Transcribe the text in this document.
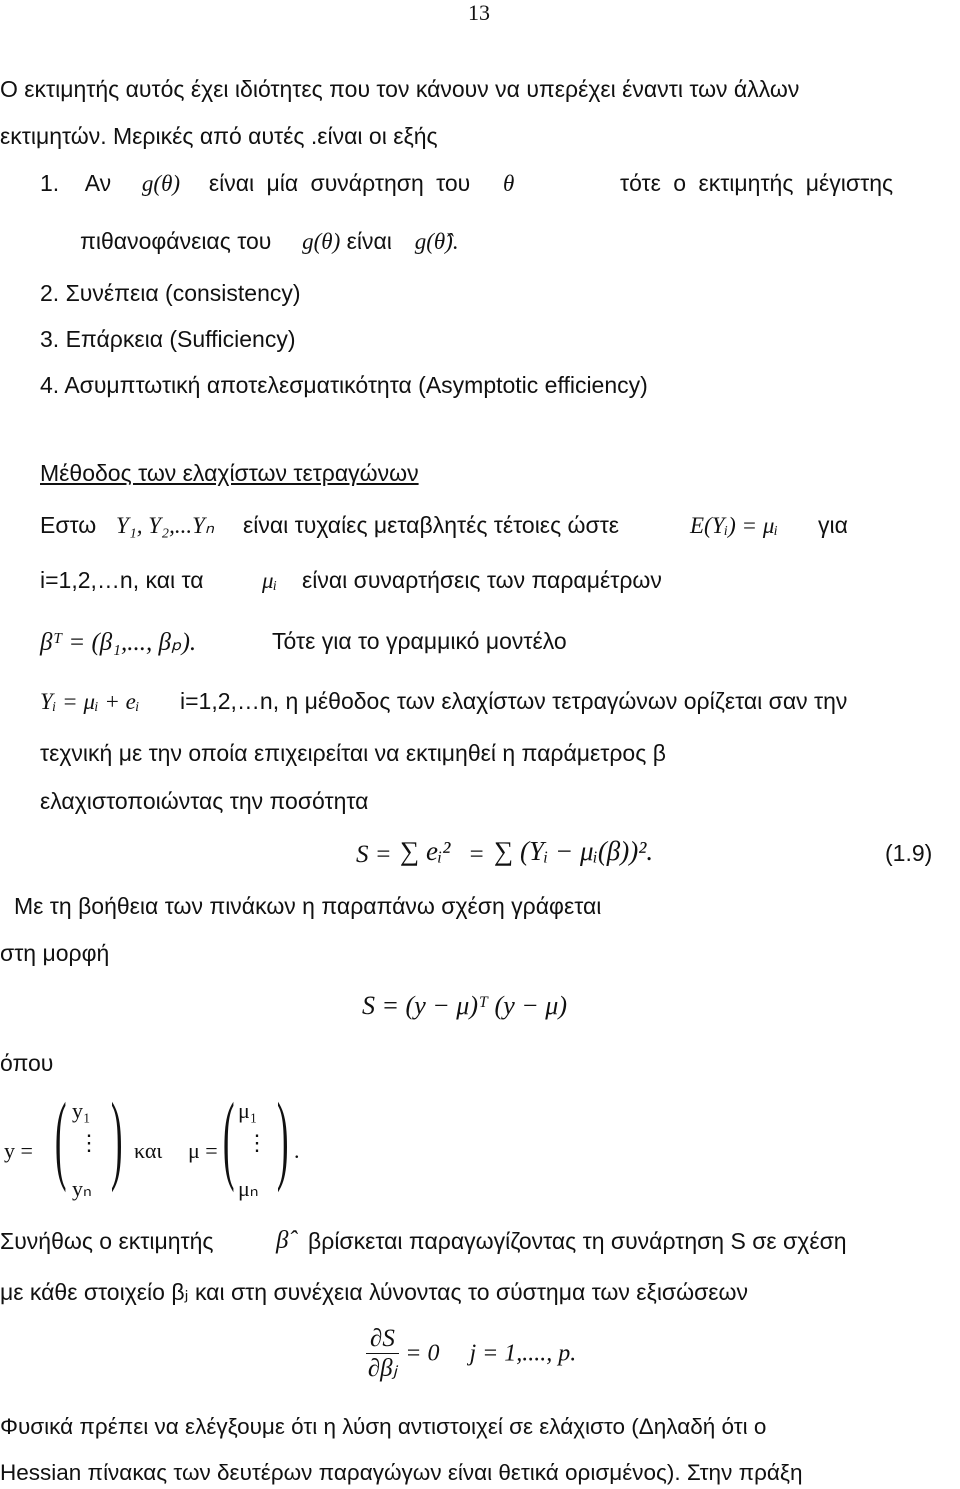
13
Ο εκτιμητής αυτός έχει ιδιότητες που τον κάνουν να υπερέχει έναντι των άλλων
εκτιμητών. Μερικές από αυτές .είναι οι εξής
1. Αν g(θ) είναι μία συνάρτηση του θ	τότε ο εκτιμητής μέγιστης
πιθανοφάνειας του g(θ) είναι g(θ̂).
2. Συνέπεια (consistency)
3. Επάρκεια (Sufficiency)
4. Ασυμπτωτική αποτελεσματικότητα (Asymptotic efficiency)
Μέθοδος των ελαχίστων τετραγώνων
Εστω Y₁, Y₂,...Yₙ είναι τυχαίες μεταβλητές τέτοιες ώστε	E(Yᵢ) = μᵢ για
i=1,2,…n, και τα	μᵢ είναι συναρτήσεις των παραμέτρων
βᵀ = (β₁,..., βₚ).	Τότε για το γραμμικό μοντέλο
Yᵢ = μᵢ + eᵢ i=1,2,…n, η μέθοδος των ελαχίστων τετραγώνων ορίζεται σαν την
τεχνική με την οποία επιχειρείται να εκτιμηθεί η παράμετρος β
ελαχιστοποιώντας την ποσότητα
S = ∑ eᵢ² = ∑ (Yᵢ − μᵢ(β))².	(1.9)
Με τη βοήθεια των πινάκων η παραπάνω σχέση γράφεται
στη μορφή
S = (y − μ)ᵀ (y − μ)
όπου
y = ( y₁
⋮
yₙ ) και μ = ( μ₁
⋮
μₙ ) .
Συνήθως ο εκτιμητής	β̂ βρίσκεται παραγωγίζοντας τη συνάρτηση S σε σχέση
με κάθε στοιχείο βⱼ και στη συνέχεια λύνοντας το σύστημα των εξισώσεων
$\frac{\partial S}{\text{∂βⱼ}} = 0$     j = 1,...., p.
Φυσικά πρέπει να ελέγξουμε ότι η λύση αντιστοιχεί σε ελάχιστο (Δηλαδή ότι ο
Hessian πίνακας των δευτέρων παραγώγων είναι θετικά ορισμένος). Στην πράξη
